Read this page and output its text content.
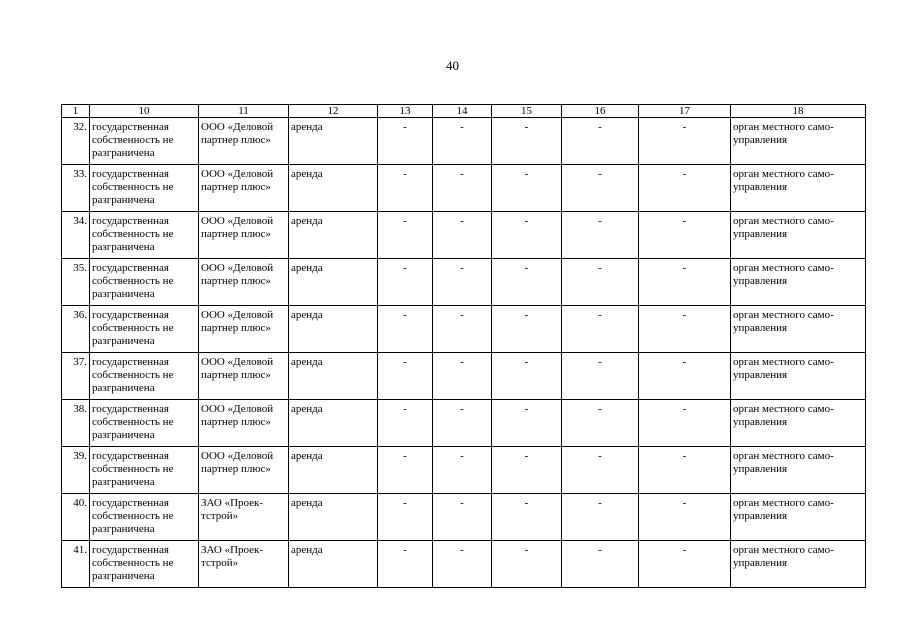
40
1	10	11	12	13	14	15	16	17	18
32.	государственная собственность не разграничена	ООО «Деловой партнер плюс»	аренда	-	-	-	-	-	орган местного само-управления
33.	государственная собственность не разграничена	ООО «Деловой партнер плюс»	аренда	-	-	-	-	-	орган местного само-управления
34.	государственная собственность не разграничена	ООО «Деловой партнер плюс»	аренда	-	-	-	-	-	орган местного само-управления
35.	государственная собственность не разграничена	ООО «Деловой партнер плюс»	аренда	-	-	-	-	-	орган местного само-управления
36.	государственная собственность не разграничена	ООО «Деловой партнер плюс»	аренда	-	-	-	-	-	орган местного само-управления
37.	государственная собственность не разграничена	ООО «Деловой партнер плюс»	аренда	-	-	-	-	-	орган местного само-управления
38.	государственная собственность не разграничена	ООО «Деловой партнер плюс»	аренда	-	-	-	-	-	орган местного само-управления
39.	государственная собственность не разграничена	ООО «Деловой партнер плюс»	аренда	-	-	-	-	-	орган местного само-управления
40.	государственная собственность не разграничена	ЗАО «Проек-тстрой»	аренда	-	-	-	-	-	орган местного само-управления
41.	государственная собственность не разграничена	ЗАО «Проек-тстрой»	аренда	-	-	-	-	-	орган местного само-управления
